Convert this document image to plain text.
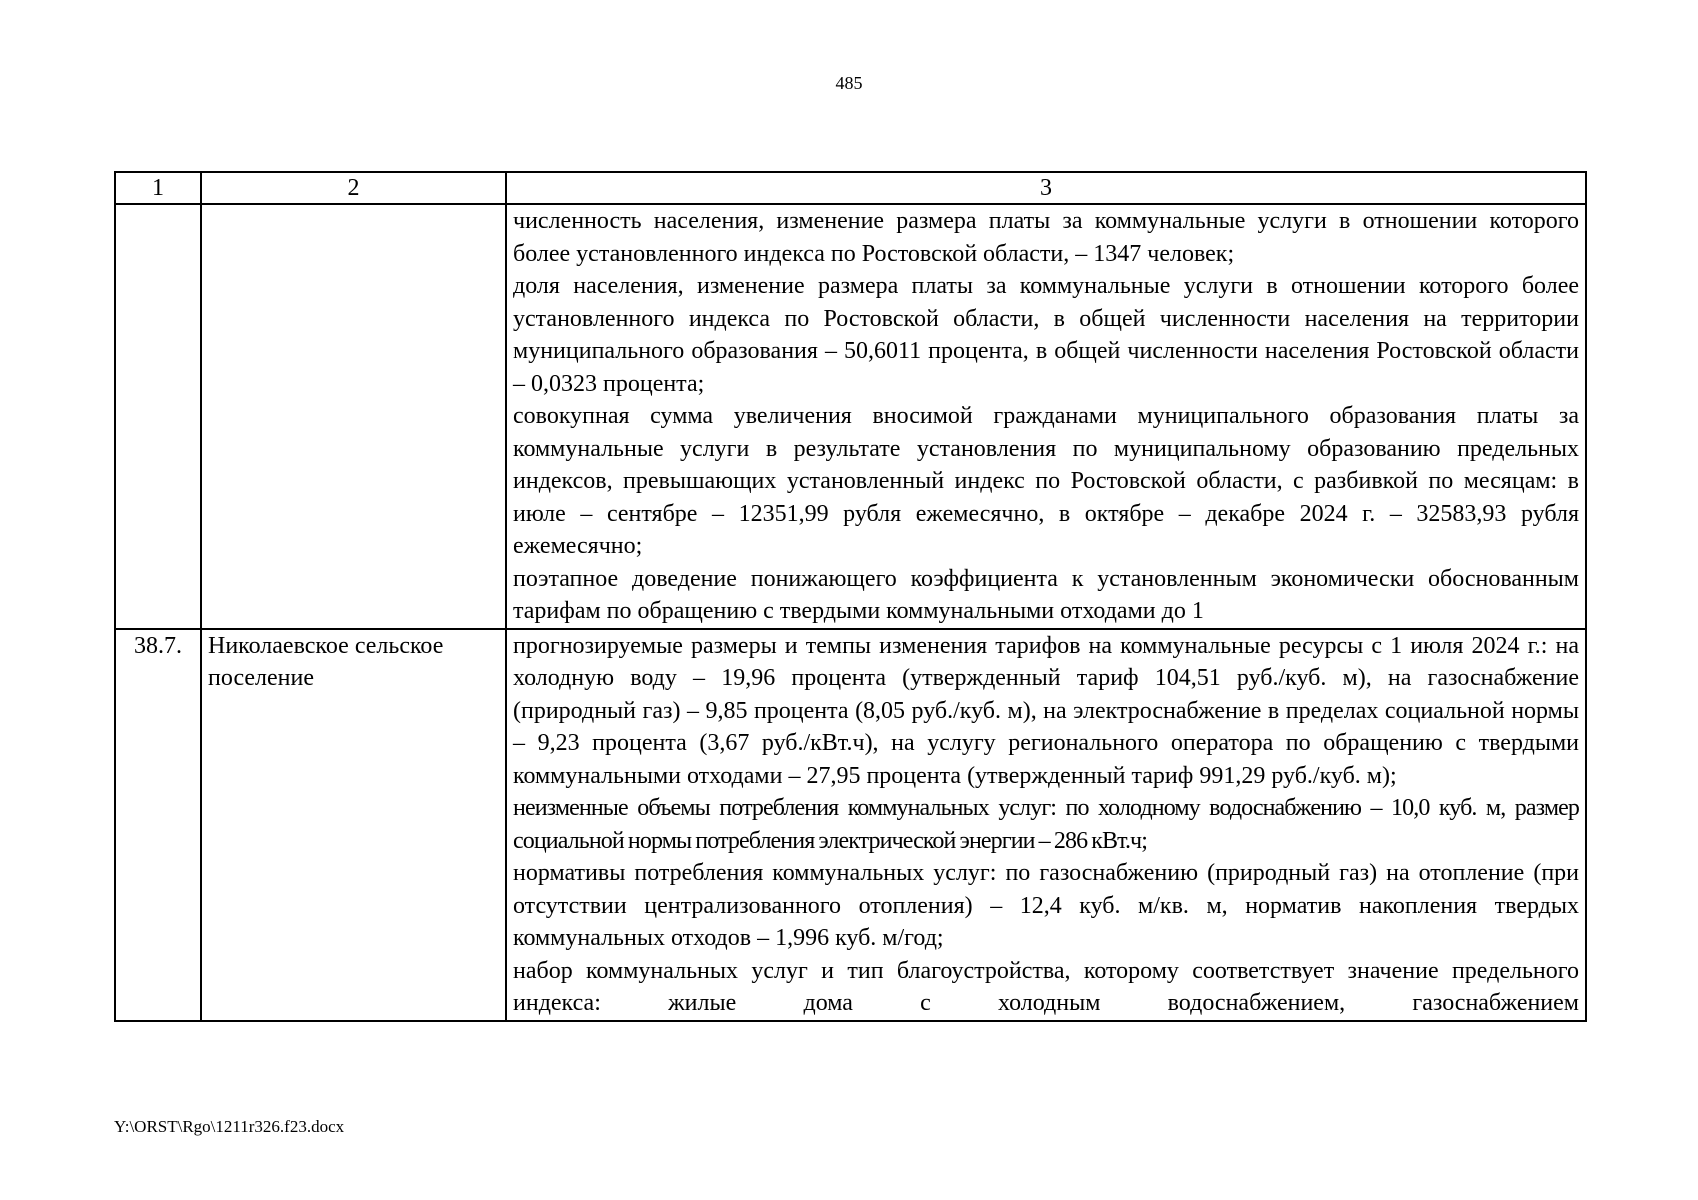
485
1	2	3

		численность населения, изменение размера платы за коммунальные услуги в отношении которого более установленного индекса по Ростовской области, – 1347 человек;

доля населения, изменение размера платы за коммунальные услуги в отношении которого более установленного индекса по Ростовской области, в общей численности населения на территории муниципального образования – 50,6011 процента, в общей численности населения Ростовской области – 0,0323 процента;

совокупная сумма увеличения вносимой гражданами муниципального образования платы за коммунальные услуги в результате установления по муниципальному образованию предельных индексов, превышающих установленный индекс по Ростовской области, с разбивкой по месяцам: в июле – сентябре – 12351,99 рубля ежемесячно, в октябре – декабре 2024 г. – 32583,93 рубля ежемесячно;

поэтапное доведение понижающего коэффициента к установленным экономически обоснованным тарифам по обращению с твердыми коммунальными отходами до 1

38.7.	Николаевское сельское поселение	прогнозируемые размеры и темпы изменения тарифов на коммунальные ресурсы с 1 июля 2024 г.: на холодную воду – 19,96 процента (утвержденный тариф 104,51 руб./куб. м), на газоснабжение (природный газ) – 9,85 процента (8,05 руб./куб. м), на электроснабжение в пределах социальной нормы – 9,23 процента (3,67 руб./кВт.ч), на услугу регионального оператора по обращению с твердыми коммунальными отходами – 27,95 процента (утвержденный тариф 991,29 руб./куб. м);

неизменные объемы потребления коммунальных услуг: по холодному водоснабжению – 10,0 куб. м, размер социальной нормы потребления электрической энергии – 286 кВт.ч;

нормативы потребления коммунальных услуг: по газоснабжению (природный газ) на отопление (при отсутствии централизованного отопления) – 12,4 куб. м/кв. м, норматив накопления твердых коммунальных отходов – 1,996 куб. м/год;

набор коммунальных услуг и тип благоустройства, которому соответствует значение предельного индекса: жилые дома с холодным водоснабжением, газоснабжением

Y:\ORST\Rgo\1211r326.f23.docx
